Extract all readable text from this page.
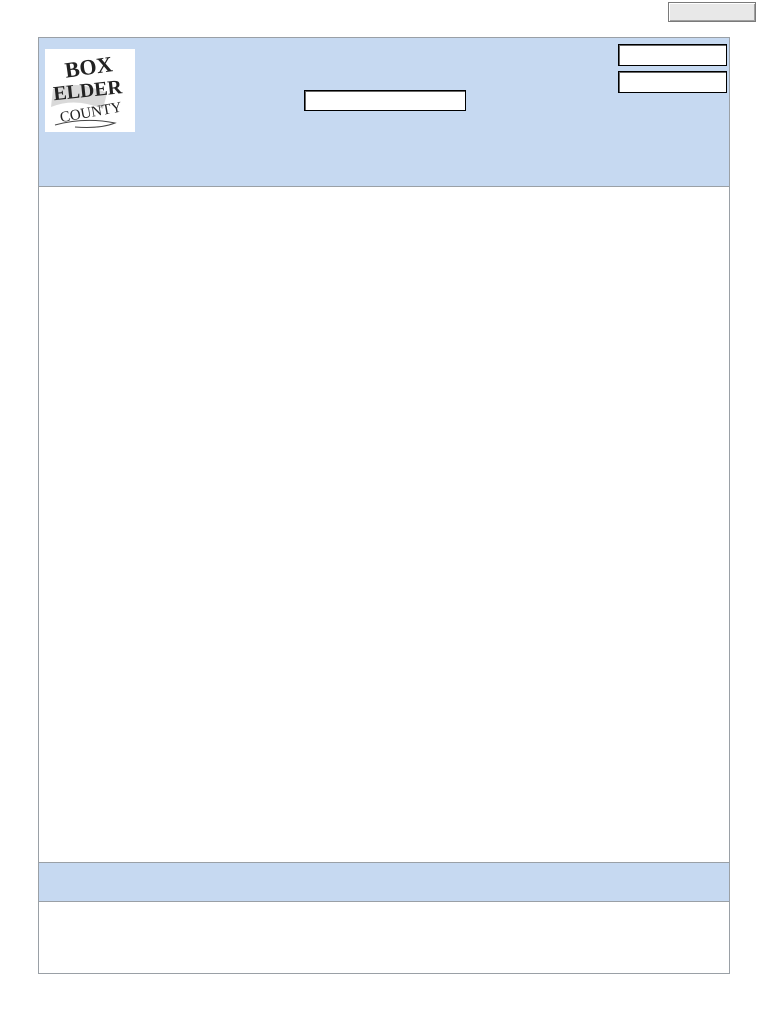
BOX
ELDER
COUNTY
